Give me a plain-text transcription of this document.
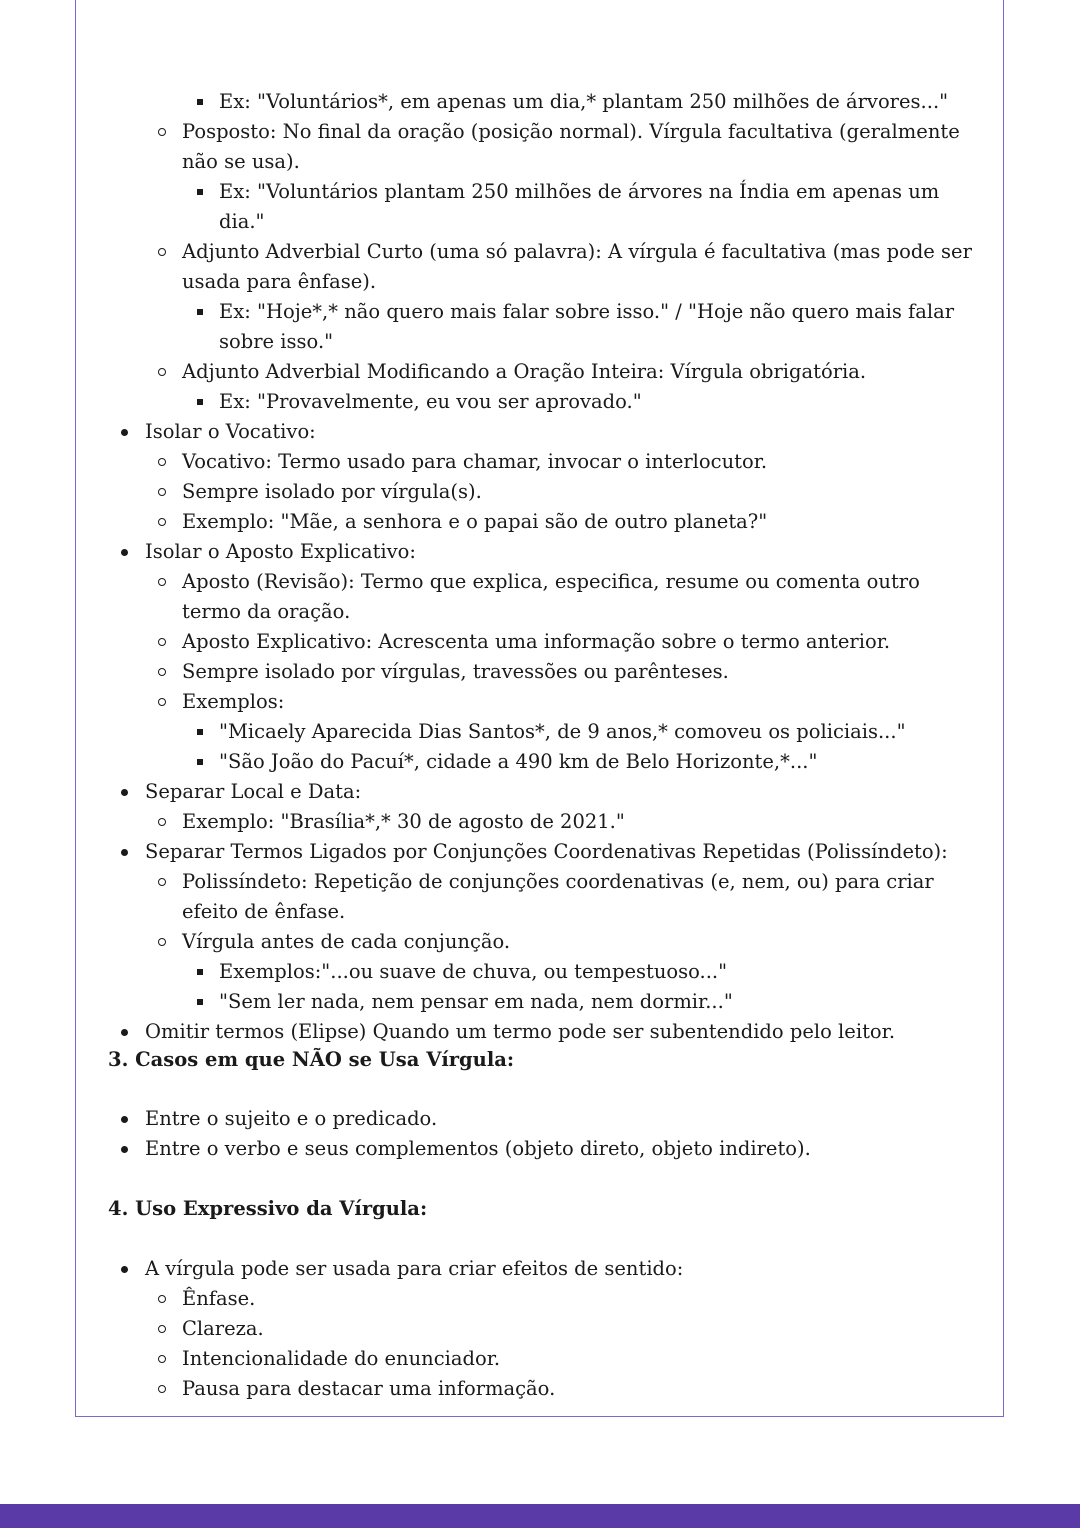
Ex: "Voluntários*, em apenas um dia,* plantam 250 milhões de árvores..."
Posposto: No final da oração (posição normal). Vírgula facultativa (geralmente não se usa).
Ex: "Voluntários plantam 250 milhões de árvores na Índia em apenas um dia."
Adjunto Adverbial Curto (uma só palavra): A vírgula é facultativa (mas pode ser usada para ênfase).
Ex: "Hoje*,* não quero mais falar sobre isso." / "Hoje não quero mais falar sobre isso."
Adjunto Adverbial Modificando a Oração Inteira: Vírgula obrigatória.
Ex: "Provavelmente, eu vou ser aprovado."
Isolar o Vocativo:
Vocativo: Termo usado para chamar, invocar o interlocutor.
Sempre isolado por vírgula(s).
Exemplo: "Mãe, a senhora e o papai são de outro planeta?"
Isolar o Aposto Explicativo:
Aposto (Revisão): Termo que explica, especifica, resume ou comenta outro termo da oração.
Aposto Explicativo: Acrescenta uma informação sobre o termo anterior.
Sempre isolado por vírgulas, travessões ou parênteses.
Exemplos:
"Micaely Aparecida Dias Santos*, de 9 anos,* comoveu os policiais..."
"São João do Pacuí*, cidade a 490 km de Belo Horizonte,*..."
Separar Local e Data:
Exemplo: "Brasília*,* 30 de agosto de 2021."
Separar Termos Ligados por Conjunções Coordenativas Repetidas (Polissíndeto):
Polissíndeto: Repetição de conjunções coordenativas (e, nem, ou) para criar efeito de ênfase.
Vírgula antes de cada conjunção.
Exemplos:"...ou suave de chuva, ou tempestuoso..."
"Sem ler nada, nem pensar em nada, nem dormir..."
Omitir termos (Elipse) Quando um termo pode ser subentendido pelo leitor.
3. Casos em que NÃO se Usa Vírgula:
Entre o sujeito e o predicado.
Entre o verbo e seus complementos (objeto direto, objeto indireto).
4. Uso Expressivo da Vírgula:
A vírgula pode ser usada para criar efeitos de sentido:
Ênfase.
Clareza.
Intencionalidade do enunciador.
Pausa para destacar uma informação.
